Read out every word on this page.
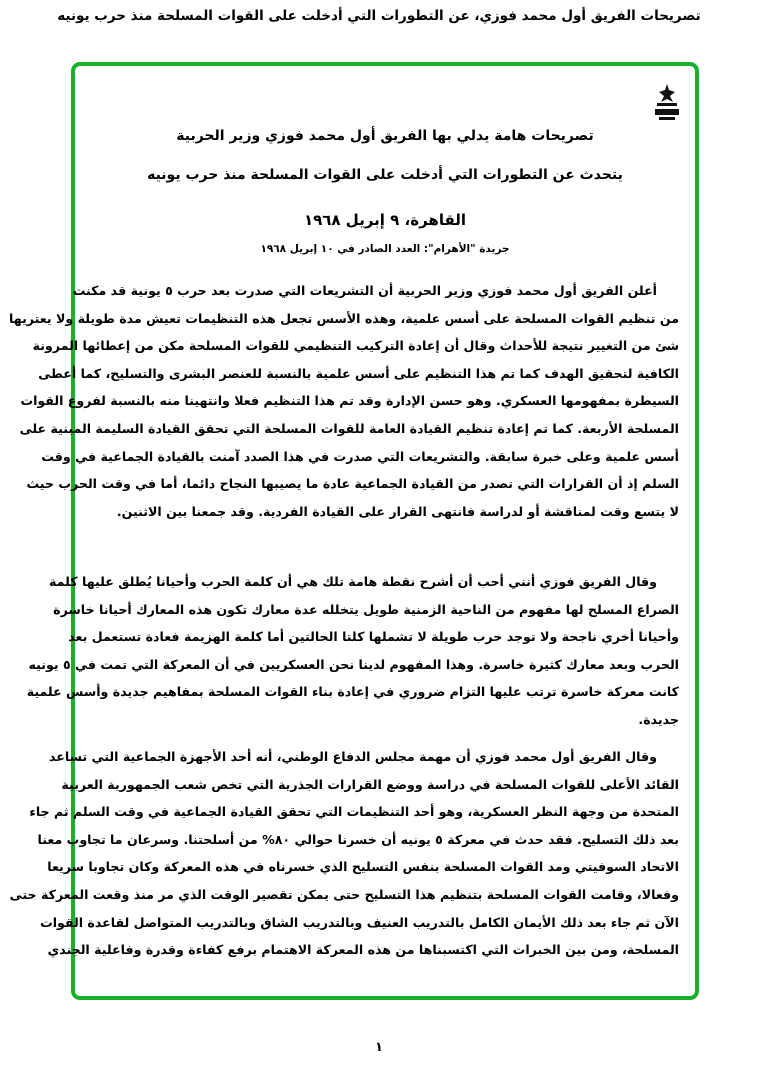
تصريحات الفريق أول محمد فوزي، عن التطورات التي أدخلت على القوات المسلحة منذ حرب يونيه
تصريحات هامة يدلي بها الفريق أول محمد فوزي وزير الحربية
يتحدث عن التطورات التي أدخلت على القوات المسلحة منذ حرب يونيه
القاهرة، ٩ إبريل ١٩٦٨
جريدة "الأهرام": العدد الصادر في ١٠ إبريل ١٩٦٨
أعلن الفريق أول محمد فوزي وزير الحربية أن التشريعات التي صدرت بعد حرب ٥ يونية قد مكنت
من تنظيم القوات المسلحة على أسس علمية، وهذه الأسس تجعل هذه التنظيمات تعيش مدة طويلة ولا يعتريها
شئ من التغيير نتيجة للأحداث وقال أن إعادة التركيب التنظيمي للقوات المسلحة مكن من إعطائها المرونة
الكافية لتحقيق الهدف كما تم هذا التنظيم على أسس علمية بالنسبة للعنصر البشرى والتسليح، كما أعطى
السيطرة بمفهومها العسكري. وهو حسن الإدارة وقد تم هذا التنظيم فعلا وانتهينا منه بالنسبة لفروع القوات
المسلحة الأربعة. كما تم إعادة تنظيم القيادة العامة للقوات المسلحة التي تحقق القيادة السليمة المبنية على
أسس علمية وعلى خبرة سابقة. والتشريعات التي صدرت في هذا الصدد آمنت بالقيادة الجماعية في وقت
السلم إذ أن القرارات التي تصدر من القيادة الجماعية عادة ما يصيبها النجاح دائما، أما في وقت الحرب حيث
لا يتسع وقت لمناقشة أو لدراسة فانتهى القرار على القيادة الفردية. وقد جمعنا بين الاثنين.
وقال الفريق فوزي أنني أحب أن أشرح نقطة هامة تلك هي أن كلمة الحرب وأحيانا يُطلق عليها كلمة
الصراع المسلح لها مفهوم من الناحية الزمنية طويل يتخلله عدة معارك تكون هذه المعارك أحيانا خاسرة
وأحيانا أخري ناجحة ولا توجد حرب طويلة لا تشملها كلتا الحالتين أما كلمة الهزيمة فعادة تستعمل بعد
الحرب وبعد معارك كثيرة خاسرة. وهذا المفهوم لدينا نحن العسكريين في أن المعركة التي تمت في ٥ يونيه
كانت معركة خاسرة ترتب عليها التزام ضروري في إعادة بناء القوات المسلحة بمفاهيم جديدة وأسس علمية
جديدة.
وقال الفريق أول محمد فوزي أن مهمة مجلس الدفاع الوطني، أنه أحد الأجهزة الجماعية التي تساعد
القائد الأعلى للقوات المسلحة في دراسة ووضع القرارات الجذرية التي تخص شعب الجمهورية العربية
المتحدة من وجهة النظر العسكرية، وهو أحد التنظيمات التي تحقق القيادة الجماعية في وقت السلم ثم جاء
بعد ذلك التسليح. فقد حدث في معركة ٥ يونيه أن خسرنا حوالي ٨٠% من أسلحتنا. وسرعان ما تجاوب معنا
الاتحاد السوفيتي ومد القوات المسلحة بنفس التسليح الذي خسرناه في هذه المعركة وكان تجاوبا سريعا
وفعالا، وقامت القوات المسلحة بتنظيم هذا التسليح حتى يمكن تقصير الوقت الذي مر منذ وقعت المعركة حتى
الآن ثم جاء بعد ذلك الأيمان الكامل بالتدريب العنيف وبالتدريب الشاق وبالتدريب المتواصل لقاعدة القوات
المسلحة، ومن بين الخبرات التي اكتسبناها من هذه المعركة الاهتمام برفع كفاءة وقدرة وفاعلية الجندي
١
